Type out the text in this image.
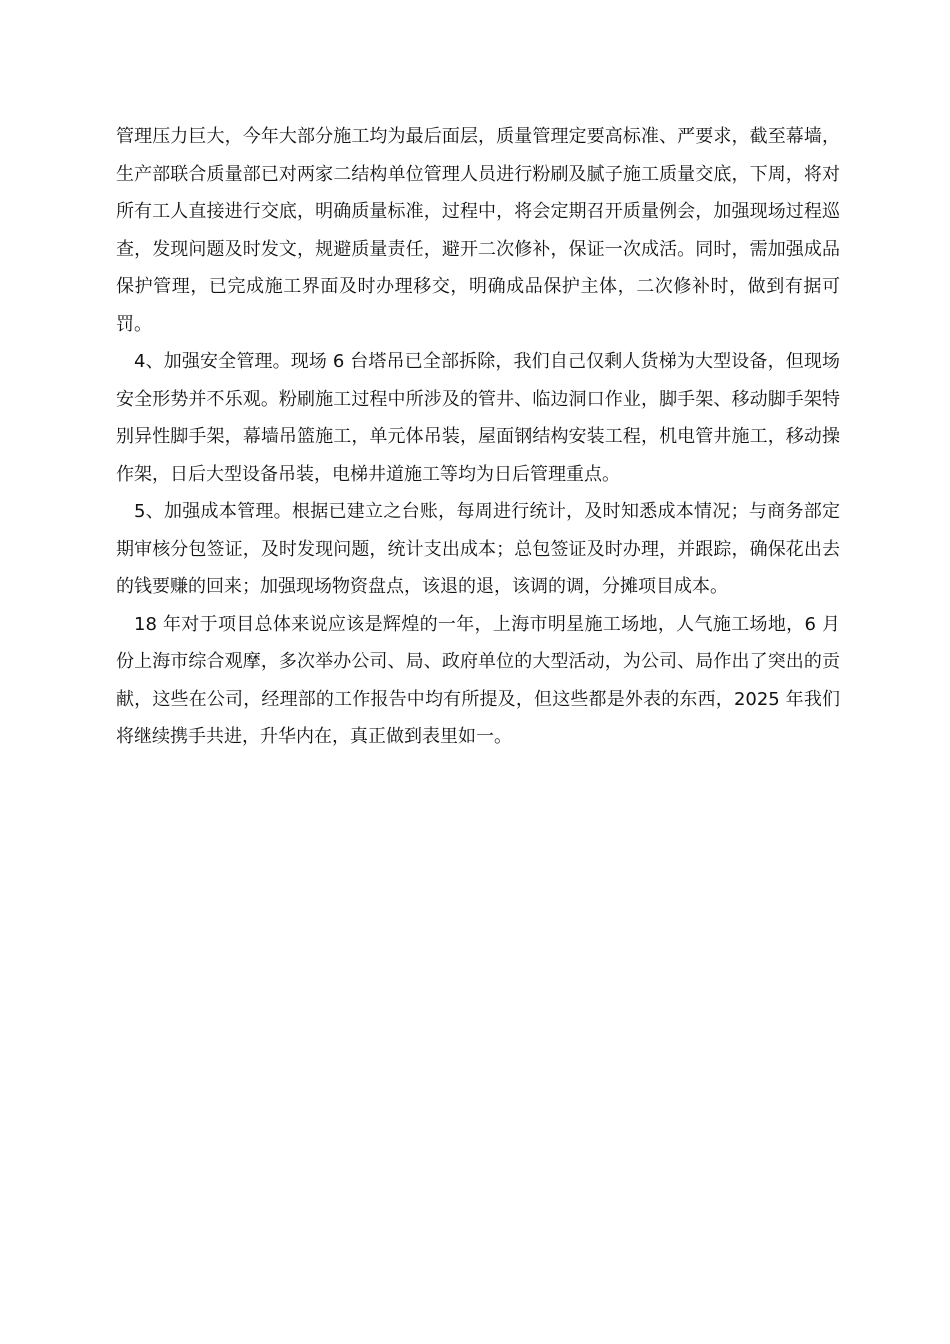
管理压力巨大，今年大部分施工均为最后面层，质量管理定要高标准、严要求，截至幕墙，生产部联合质量部已对两家二结构单位管理人员进行粉刷及腻子施工质量交底，下周，将对所有工人直接进行交底，明确质量标准，过程中，将会定期召开质量例会，加强现场过程巡查，发现问题及时发文，规避质量责任，避开二次修补，保证一次成活。同时，需加强成品保护管理，已完成施工界面及时办理移交，明确成品保护主体，二次修补时，做到有据可罚。

4、加强安全管理。现场 6 台塔吊已全部拆除，我们自己仅剩人货梯为大型设备，但现场安全形势并不乐观。粉刷施工过程中所涉及的管井、临边洞口作业，脚手架、移动脚手架特别异性脚手架，幕墙吊篮施工，单元体吊装，屋面钢结构安装工程，机电管井施工，移动操作架，日后大型设备吊装，电梯井道施工等均为日后管理重点。

5、加强成本管理。根据已建立之台账，每周进行统计，及时知悉成本情况；与商务部定期审核分包签证，及时发现问题，统计支出成本；总包签证及时办理，并跟踪，确保花出去的钱要赚的回来；加强现场物资盘点，该退的退，该调的调，分摊项目成本。

18 年对于项目总体来说应该是辉煌的一年，上海市明星施工场地，人气施工场地，6 月份上海市综合观摩，多次举办公司、局、政府单位的大型活动，为公司、局作出了突出的贡献，这些在公司，经理部的工作报告中均有所提及，但这些都是外表的东西，2025 年我们将继续携手共进，升华内在，真正做到表里如一。
